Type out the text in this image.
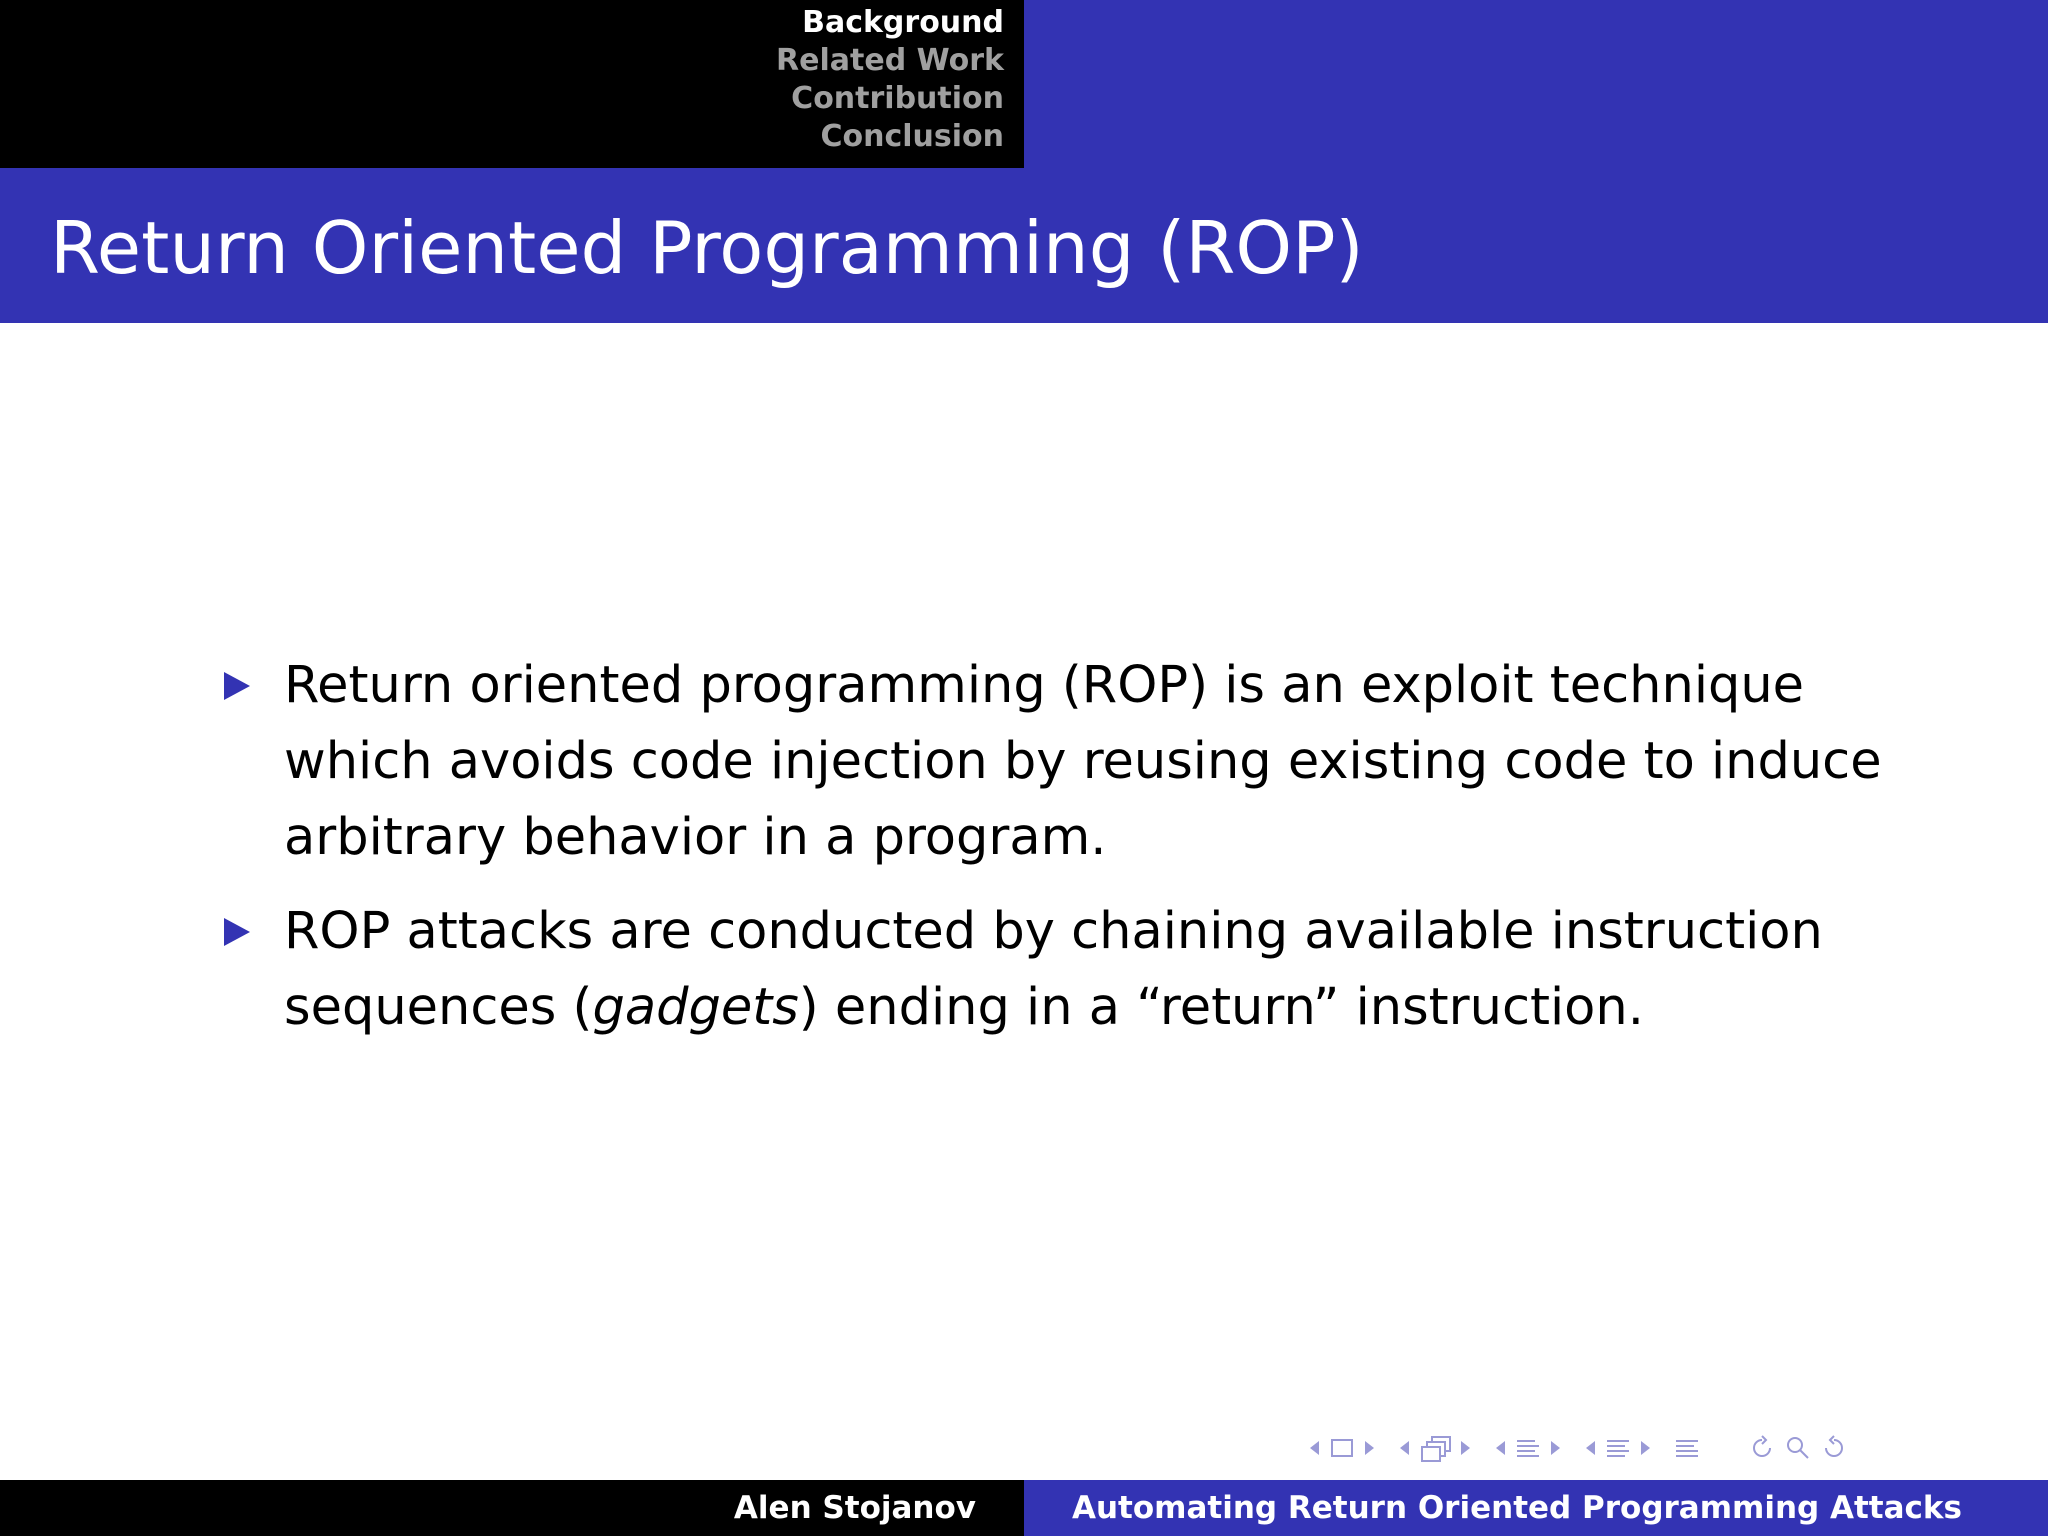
Background
Related Work
Contribution
Conclusion
Return Oriented Programming (ROP)
Return oriented programming (ROP) is an exploit technique which avoids code injection by reusing existing code to induce arbitrary behavior in a program.
ROP attacks are conducted by chaining available instruction sequences (gadgets) ending in a “return” instruction.
Alen Stojanov	Automating Return Oriented Programming Attacks
